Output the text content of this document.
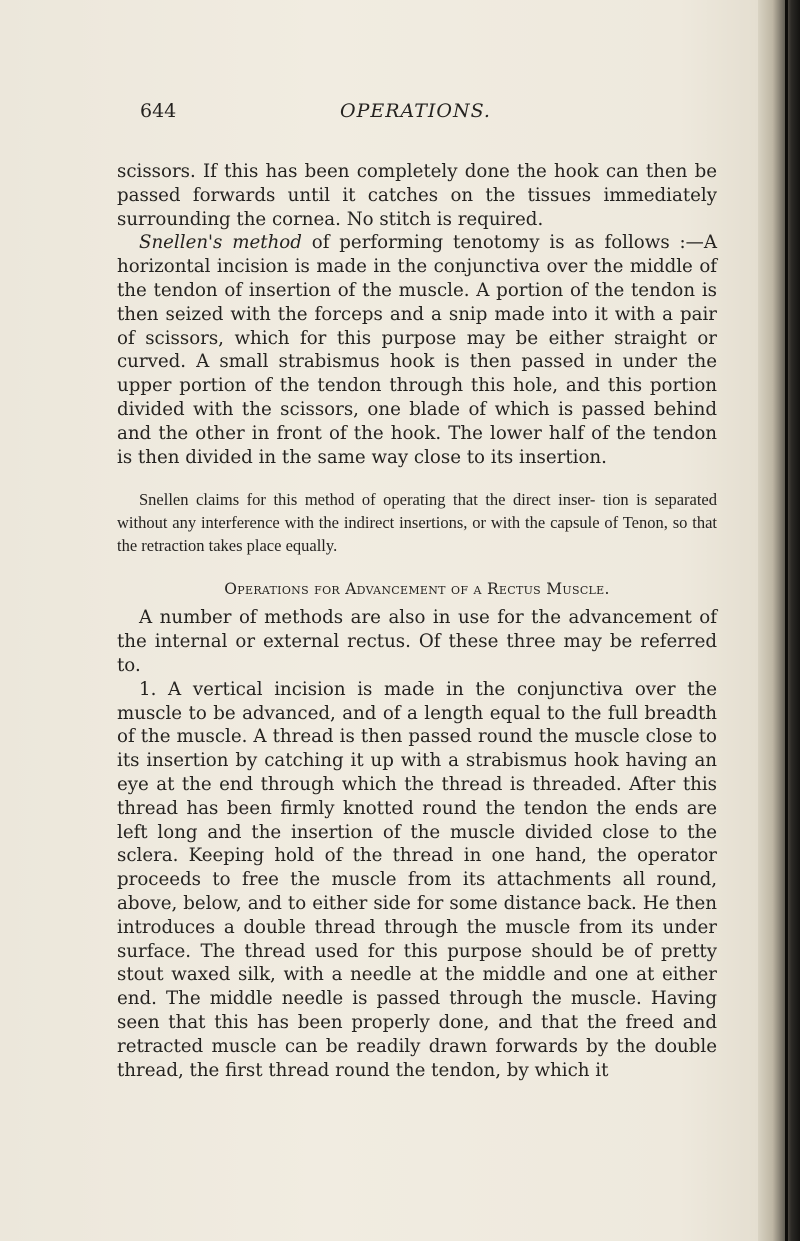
644	OPERATIONS.

scissors. If this has been completely done the hook can then be passed forwards until it catches on the tissues immediately surrounding the cornea. No stitch is required.

Snellen's method of performing tenotomy is as follows :—A horizontal incision is made in the conjunctiva over the middle of the tendon of insertion of the muscle. A portion of the tendon is then seized with the forceps and a snip made into it with a pair of scissors, which for this purpose may be either straight or curved. A small strabismus hook is then passed in under the upper portion of the tendon through this hole, and this portion divided with the scissors, one blade of which is passed behind and the other in front of the hook. The lower half of the tendon is then divided in the same way close to its insertion.

Snellen claims for this method of operating that the direct inser- tion is separated without any interference with the indirect insertions, or with the capsule of Tenon, so that the retraction takes place equally.

Operations for Advancement of a Rectus Muscle.

A number of methods are also in use for the advancement of the internal or external rectus. Of these three may be referred to.

1. A vertical incision is made in the conjunctiva over the muscle to be advanced, and of a length equal to the full breadth of the muscle. A thread is then passed round the muscle close to its insertion by catching it up with a strabismus hook having an eye at the end through which the thread is threaded. After this thread has been firmly knotted round the tendon the ends are left long and the insertion of the muscle divided close to the sclera. Keeping hold of the thread in one hand, the operator proceeds to free the muscle from its attachments all round, above, below, and to either side for some distance back. He then introduces a double thread through the muscle from its under surface. The thread used for this purpose should be of pretty stout waxed silk, with a needle at the middle and one at either end. The middle needle is passed through the muscle. Having seen that this has been properly done, and that the freed and retracted muscle can be readily drawn forwards by the double thread, the first thread round the tendon, by which it
